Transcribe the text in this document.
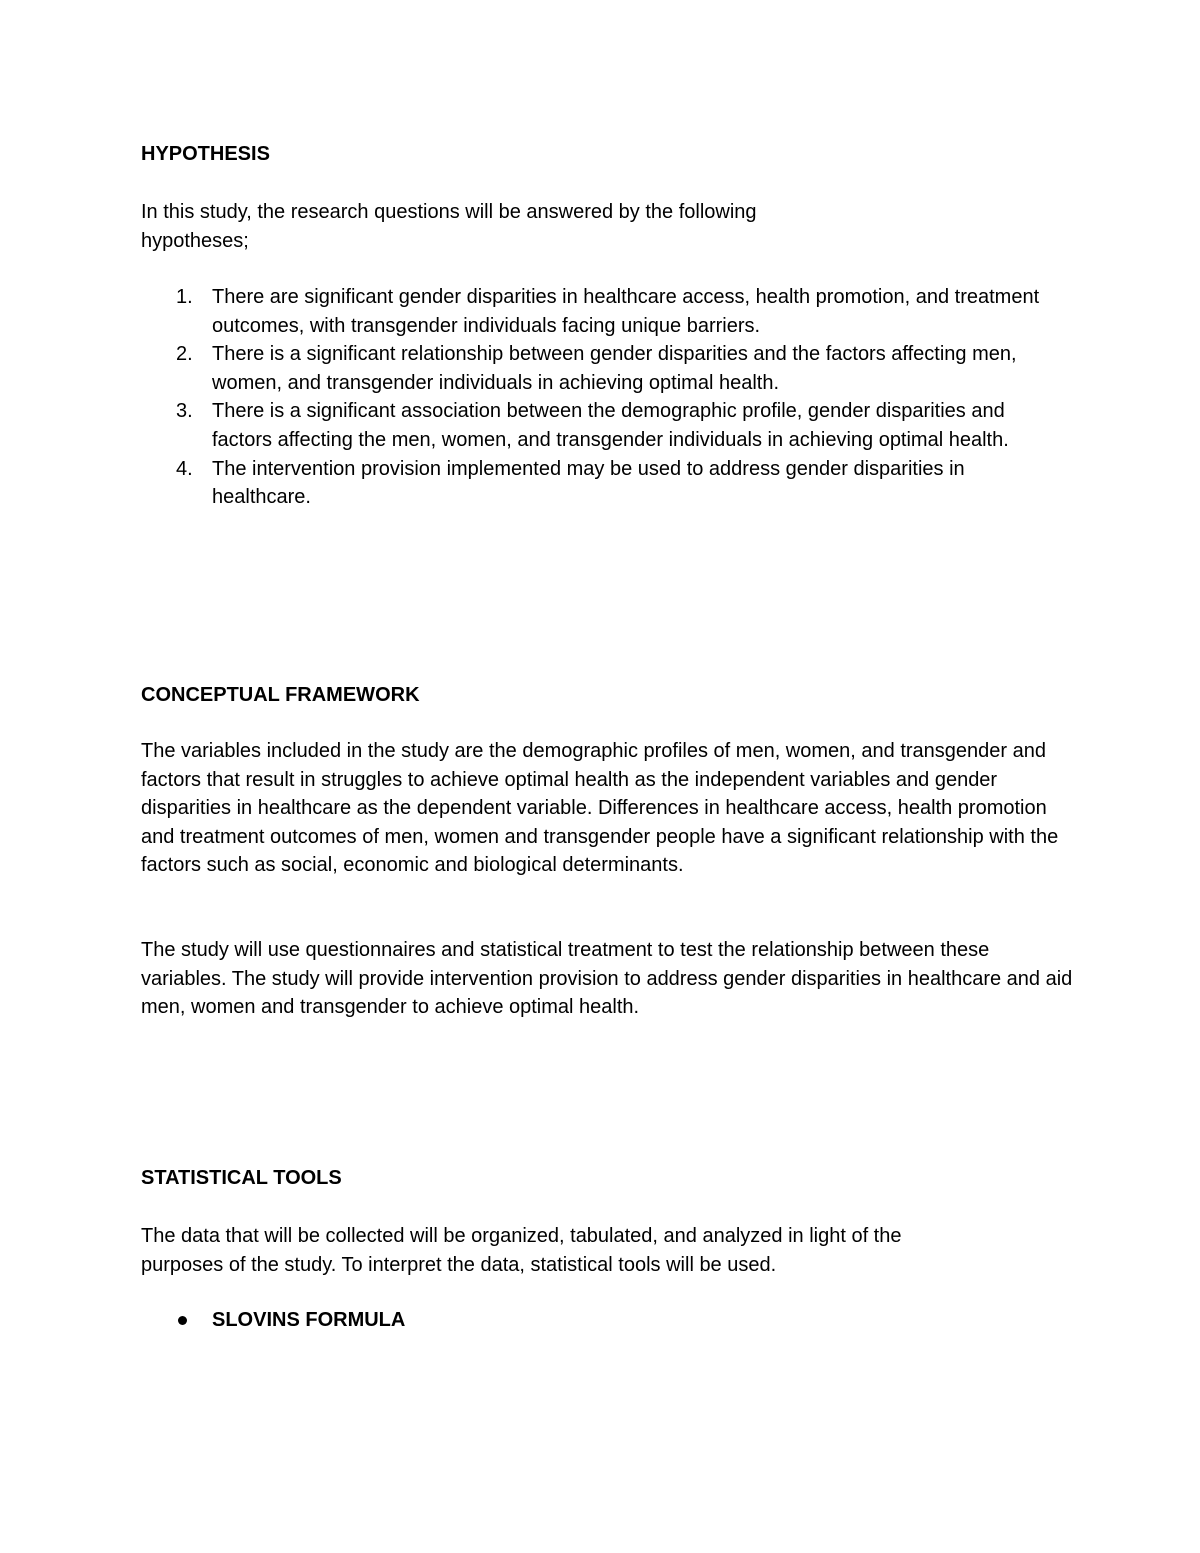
HYPOTHESIS

In this study, the research questions will be answered by the following

hypotheses;

1. There are significant gender disparities in healthcare access, health promotion, and treatment outcomes, with transgender individuals facing unique barriers.
2. There is a significant relationship between gender disparities and the factors affecting men, women, and transgender individuals in achieving optimal health.
3. There is a significant association between the demographic profile, gender disparities and factors affecting the men, women, and transgender individuals in achieving optimal health.
4. The intervention provision implemented may be used to address gender disparities in healthcare.

CONCEPTUAL FRAMEWORK

The variables included in the study are the demographic profiles of men, women, and transgender and factors that result in struggles to achieve optimal health as the independent variables and gender disparities in healthcare as the dependent variable. Differences in healthcare access, health promotion and treatment outcomes of men, women and transgender people have a significant relationship with the factors such as social, economic and biological determinants.

The study will use questionnaires and statistical treatment to test the relationship between these variables. The study will provide intervention provision to address gender disparities in healthcare and aid men, women and transgender to achieve optimal health.

STATISTICAL TOOLS

The data that will be collected will be organized, tabulated, and analyzed in light of the purposes of the study. To interpret the data, statistical tools will be used.

SLOVINS FORMULA
